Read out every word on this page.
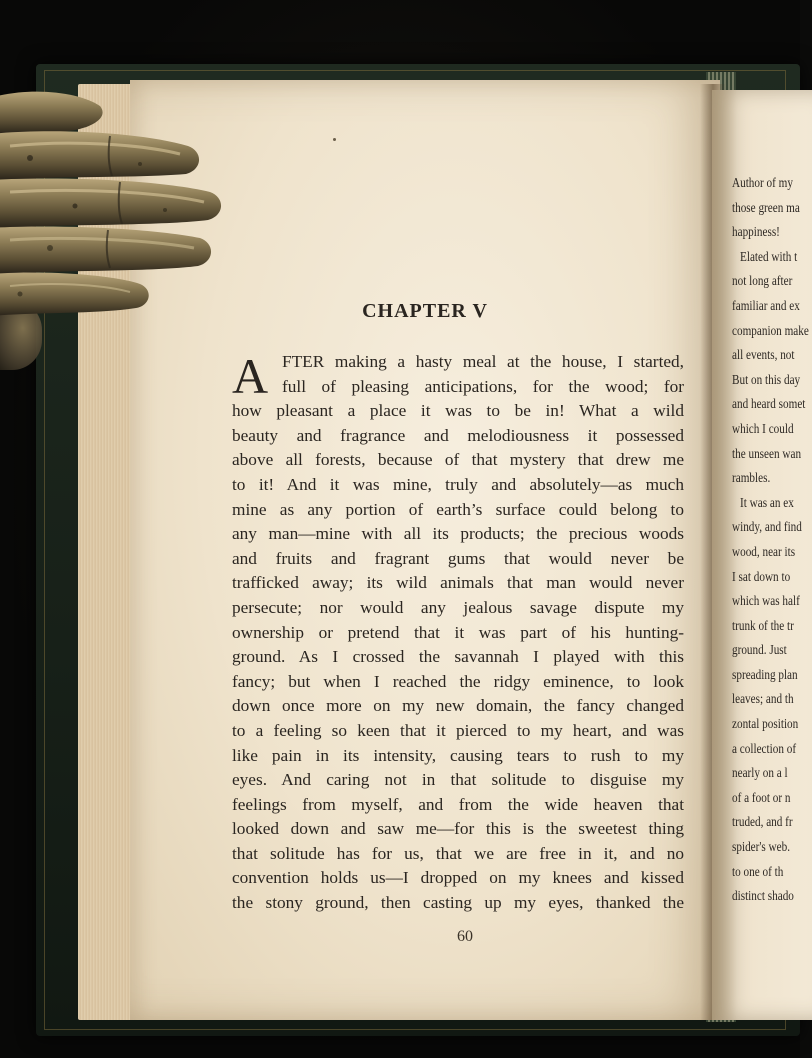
CHAPTER V
A FTER making a hasty meal at the house, I started,
full of pleasing anticipations, for the wood; for
how pleasant a place it was to be in! What a wild
beauty and fragrance and melodiousness it possessed
above all forests, because of that mystery that drew me
to it! And it was mine, truly and absolutely—as much
mine as any portion of earth’s surface could belong to
any man—mine with all its products; the precious woods
and fruits and fragrant gums that would never be
trafficked away; its wild animals that man would never
persecute; nor would any jealous savage dispute my
ownership or pretend that it was part of his hunting-
ground. As I crossed the savannah I played with this
fancy; but when I reached the ridgy eminence, to look
down once more on my new domain, the fancy changed
to a feeling so keen that it pierced to my heart, and was
like pain in its intensity, causing tears to rush to my
eyes. And caring not in that solitude to disguise my
feelings from myself, and from the wide heaven that
looked down and saw me—for this is the sweetest thing
that solitude has for us, that we are free in it, and no
convention holds us—I dropped on my knees and kissed
the stony ground, then casting up my eyes, thanked the
60
Author of my
those green ma
happiness!
Elated with t
not long after
familiar and ex
companion make
all events, not
But on this day
and heard somet
which I could
the unseen wan
rambles.
It was an ex
windy, and find
wood, near its
I sat down to
which was half
trunk of the tr
ground. Just
spreading plan
leaves; and th
zontal position
a collection of
nearly on a l
of a foot or n
truded, and fr
spider's web.
to one of th
distinct shado
